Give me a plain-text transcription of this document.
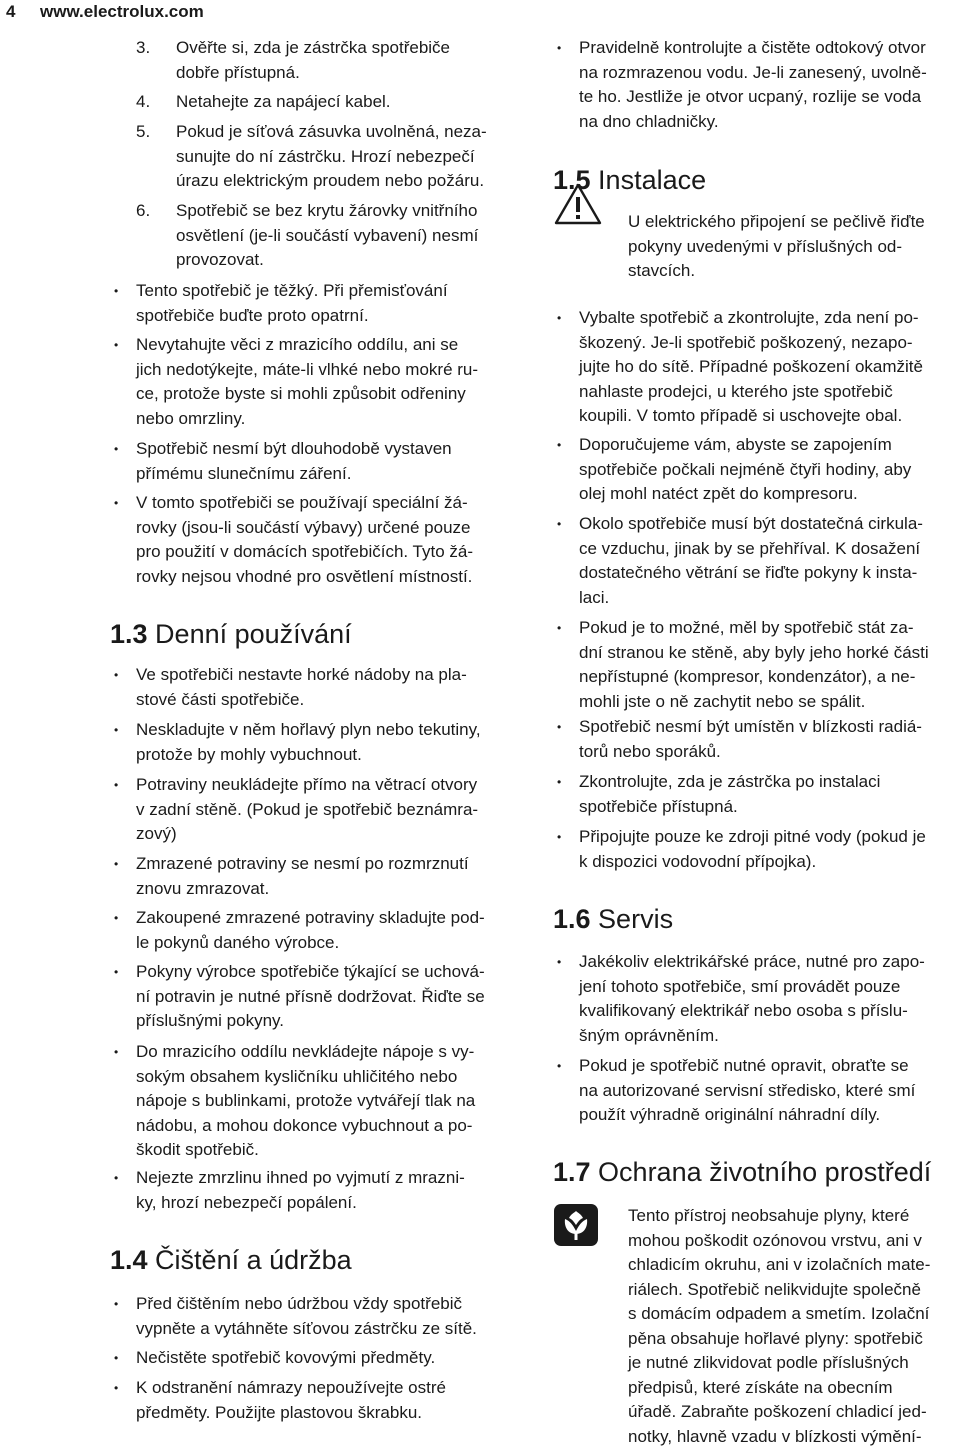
4 www.electrolux.com
3. Ověřte si, zda je zástrčka spotřebiče
dobře přístupná.
4. Netahejte za napájecí kabel.
5. Pokud je síťová zásuvka uvolněná, neza-
sunujte do ní zástrčku. Hrozí nebezpečí
úrazu elektrickým proudem nebo požáru.
6. Spotřebič se bez krytu žárovky vnitřního
osvětlení (je-li součástí vybavení) nesmí
provozovat.
• Tento spotřebič je těžký. Při přemisťování
spotřebiče buďte proto opatrní.
• Nevytahujte věci z mrazicího oddílu, ani se
jich nedotýkejte, máte-li vlhké nebo mokré ru-
ce, protože byste si mohli způsobit odřeniny
nebo omrzliny.
• Spotřebič nesmí být dlouhodobě vystaven
přímému slunečnímu záření.
• V tomto spotřebiči se používají speciální žá-
rovky (jsou-li součástí výbavy) určené pouze
pro použití v domácích spotřebičích. Tyto žá-
rovky nejsou vhodné pro osvětlení místností.
1.3 Denní používání
• Ve spotřebiči nestavte horké nádoby na pla-
stové části spotřebiče.
• Neskladujte v něm hořlavý plyn nebo tekutiny,
protože by mohly vybuchnout.
• Potraviny neukládejte přímo na větrací otvory
v zadní stěně. (Pokud je spotřebič beznámra-
zový)
• Zmrazené potraviny se nesmí po rozmrznutí
znovu zmrazovat.
• Zakoupené zmrazené potraviny skladujte pod-
le pokynů daného výrobce.
• Pokyny výrobce spotřebiče týkající se uchová-
ní potravin je nutné přísně dodržovat. Řiďte se
příslušnými pokyny.
• Do mrazicího oddílu nevkládejte nápoje s vy-
sokým obsahem kysličníku uhličitého nebo
nápoje s bublinkami, protože vytvářejí tlak na
nádobu, a mohou dokonce vybuchnout a po-
škodit spotřebič.
• Nejezte zmrzlinu ihned po vyjmutí z mrazni-
ky, hrozí nebezpečí popálení.
1.4 Čištění a údržba
• Před čištěním nebo údržbou vždy spotřebič
vypněte a vytáhněte síťovou zástrčku ze sítě.
• Nečistěte spotřebič kovovými předměty.
• K odstranění námrazy nepoužívejte ostré
předměty. Použijte plastovou škrabku.
• Pravidelně kontrolujte a čistěte odtokový otvor
na rozmrazenou vodu. Je-li zanesený, uvolně-
te ho. Jestliže je otvor ucpaný, rozlije se voda
na dno chladničky.
1.5 Instalace
U elektrického připojení se pečlivě řiďte
pokyny uvedenými v příslušných od-
stavcích.
• Vybalte spotřebič a zkontrolujte, zda není po-
škozený. Je-li spotřebič poškozený, nezapo-
jujte ho do sítě. Případné poškození okamžitě
nahlaste prodejci, u kterého jste spotřebič
koupili. V tomto případě si uschovejte obal.
• Doporučujeme vám, abyste se zapojením
spotřebiče počkali nejméně čtyři hodiny, aby
olej mohl natéct zpět do kompresoru.
• Okolo spotřebiče musí být dostatečná cirkula-
ce vzduchu, jinak by se přehříval. K dosažení
dostatečného větrání se řiďte pokyny k insta-
laci.
• Pokud je to možné, měl by spotřebič stát za-
dní stranou ke stěně, aby byly jeho horké části
nepřístupné (kompresor, kondenzátor), a ne-
mohli jste o ně zachytit nebo se spálit.
• Spotřebič nesmí být umístěn v blízkosti radiá-
torů nebo sporáků.
• Zkontrolujte, zda je zástrčka po instalaci
spotřebiče přístupná.
• Připojujte pouze ke zdroji pitné vody (pokud je
k dispozici vodovodní přípojka).
1.6 Servis
• Jakékoliv elektrikářské práce, nutné pro zapo-
jení tohoto spotřebiče, smí provádět pouze
kvalifikovaný elektrikář nebo osoba s příslu-
šným oprávněním.
• Pokud je spotřebič nutné opravit, obraťte se
na autorizované servisní středisko, které smí
použít výhradně originální náhradní díly.
1.7 Ochrana životního prostředí
Tento přístroj neobsahuje plyny, které
mohou poškodit ozónovou vrstvu, ani v
chladicím okruhu, ani v izolačních mate-
riálech. Spotřebič nelikvidujte společně
s domácím odpadem a smetím. Izolační
pěna obsahuje hořlavé plyny: spotřebič
je nutné zlikvidovat podle příslušných
předpisů, které získáte na obecním
úřadě. Zabraňte poškození chladicí jed-
notky, hlavně vzadu v blízkosti výmění-
